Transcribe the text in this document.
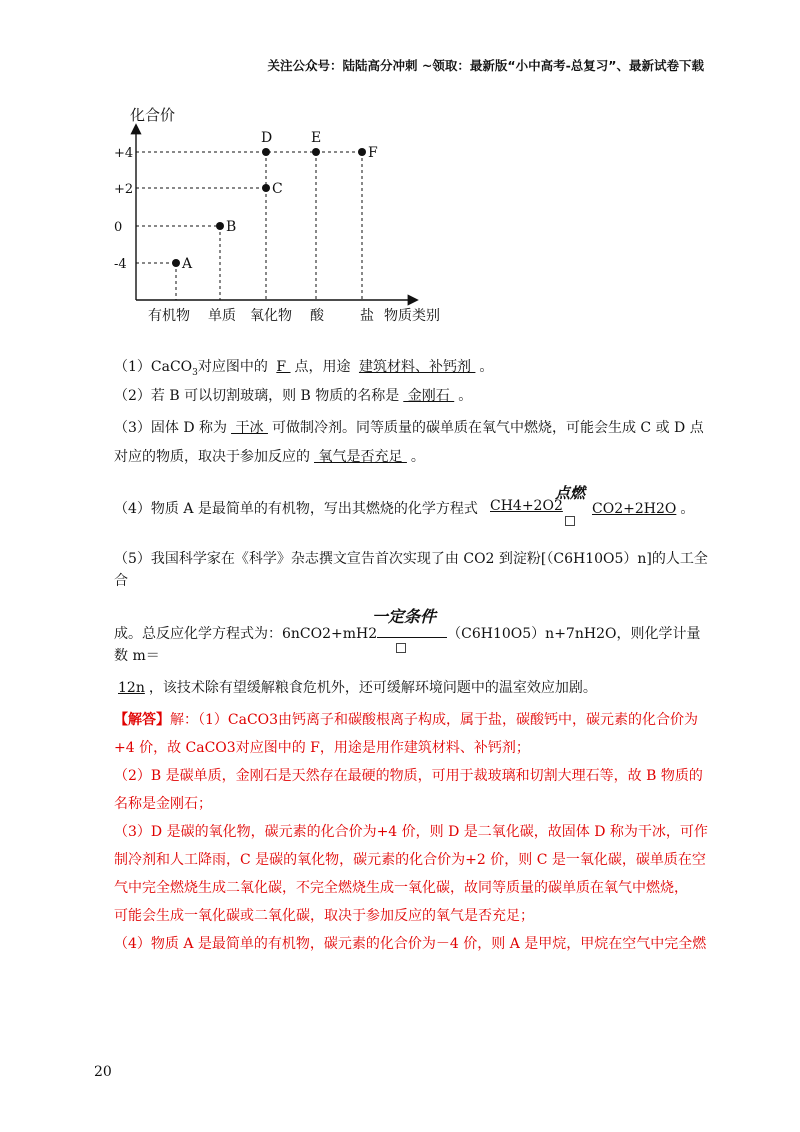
关注公众号：陆陆高分冲刺 ~领取：最新版“小中高考-总复习”、最新试卷下载
化合价
+4
+2
0
-4	A
B
C
D	E
F
有机物 单质 氧化物 酸	盐 物质类别
（1）CaCO$_3$对应图中的 F 点，用途 建筑材料、补钙剂 。
（2）若 B 可以切割玻璃，则 B 物质的名称是 金刚石 。
（3）固体 D 称为 干冰 可做制冷剂。同等质量的碳单质在氧气中燃烧，可能会生成 C 或 D 点对应的物质，取决于参加反应的 氧气是否充足 。
（4）物质 A 是最简单的有机物，写出其燃烧的化学方程式 CH4+2O2
点燃
CO2+2H2O 。
（5）我国科学家在《科学》杂志撰文宣告首次实现了由 CO2 到淀粉[（C6H10O5）n]的人工全合
一定条件
成。总反应化学方程式为：6nCO2+mH2	（C6H10O5）n+7nH2O，则化学计量数 m＝
12n ，该技术除有望缓解粮食危机外，还可缓解环境问题中的温室效应加剧。
【解答】解：（1）CaCO3由钙离子和碳酸根离子构成，属于盐，碳酸钙中，碳元素的化合价为
+4 价，故 CaCO3对应图中的 F，用途是用作建筑材料、补钙剂；
（2）B 是碳单质，金刚石是天然存在最硬的物质，可用于裁玻璃和切割大理石等，故 B 物质的
名称是金刚石；
（3）D 是碳的氧化物，碳元素的化合价为+4 价，则 D 是二氧化碳，故固体 D 称为干冰，可作
制冷剂和人工降雨，C 是碳的氧化物，碳元素的化合价为+2 价，则 C 是一氧化碳，碳单质在空
气中完全燃烧生成二氧化碳，不完全燃烧生成一氧化碳，故同等质量的碳单质在氧气中燃烧，
可能会生成一氧化碳或二氧化碳，取决于参加反应的氧气是否充足；
（4）物质 A 是最简单的有机物，碳元素的化合价为－4 价，则 A 是甲烷，甲烷在空气中完全燃
20
